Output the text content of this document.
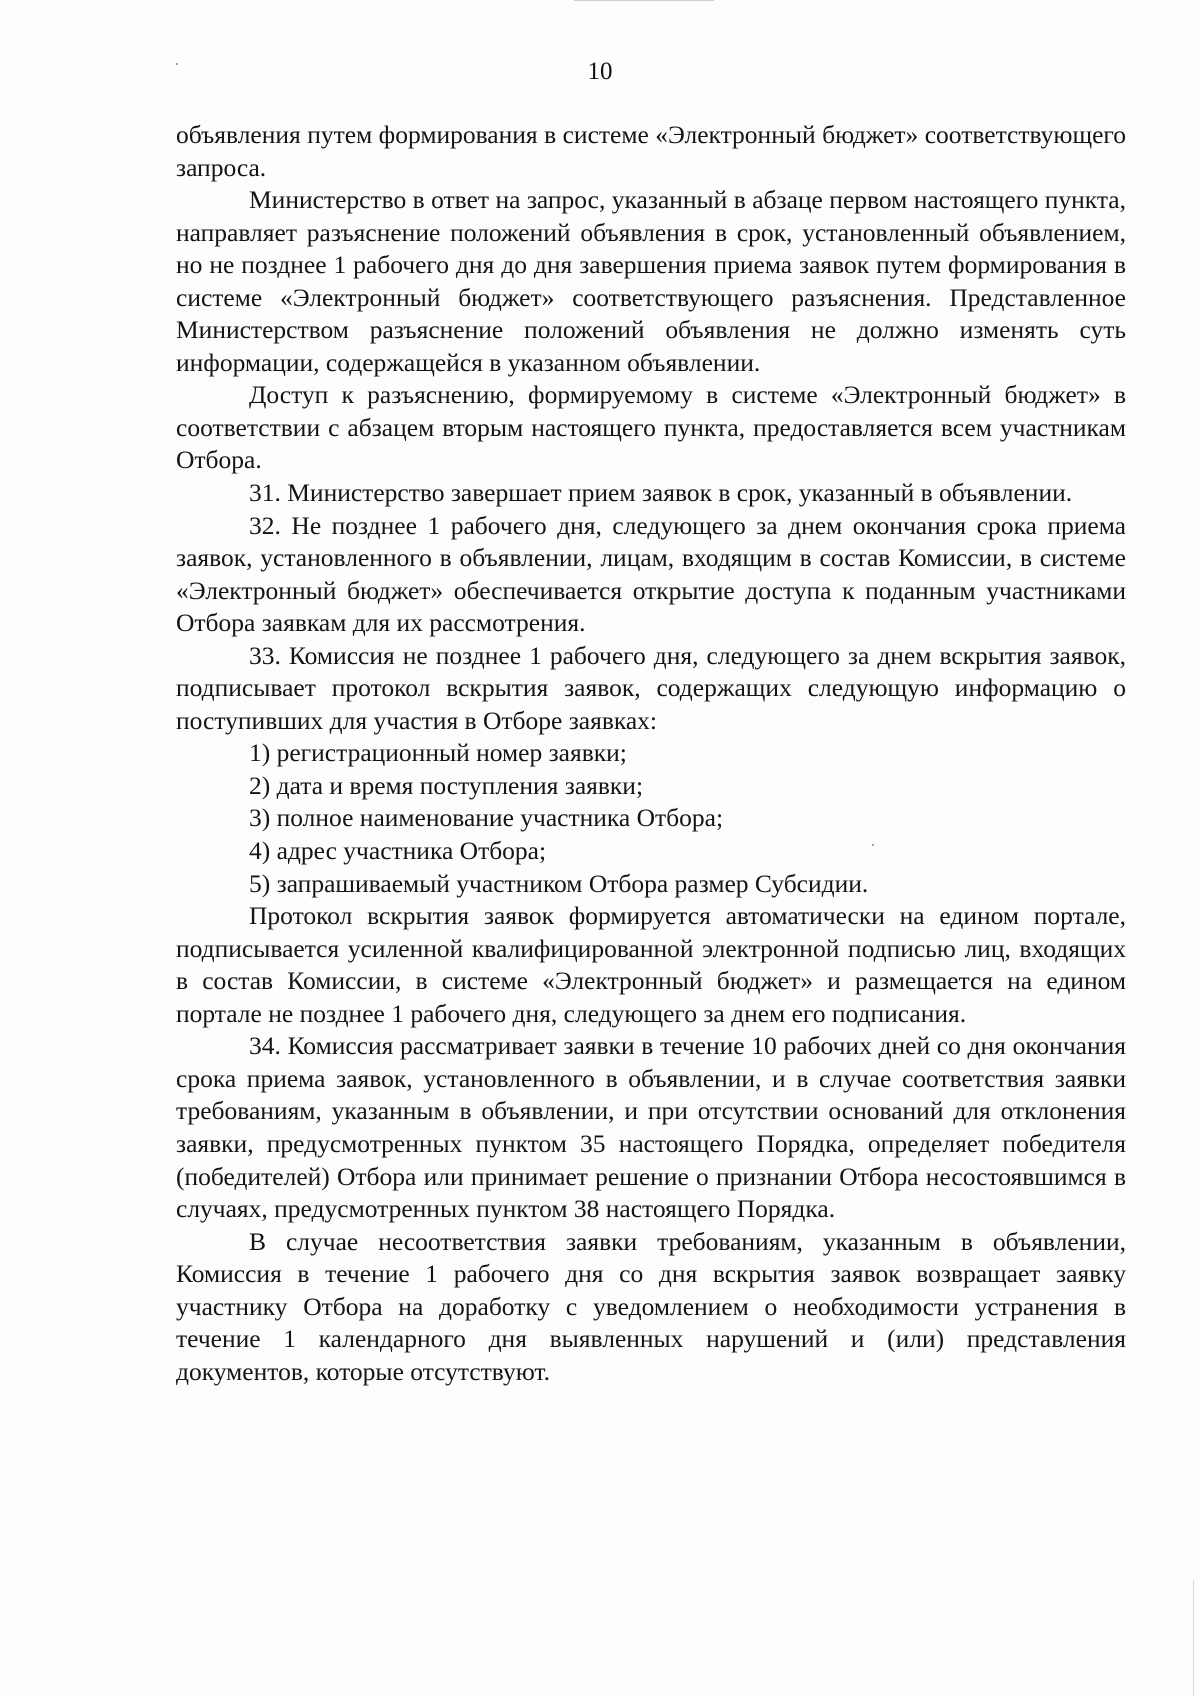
10

объявления путем формирования в системе «Электронный бюджет» соответствующего запроса.

Министерство в ответ на запрос, указанный в абзаце первом настоящего пункта, направляет разъяснение положений объявления в срок, установленный объявлением, но не позднее 1 рабочего дня до дня завершения приема заявок путем формирования в системе «Электронный бюджет» соответствующего разъяснения. Представленное Министерством разъяснение положений объявления не должно изменять суть информации, содержащейся в указанном объявлении.

Доступ к разъяснению, формируемому в системе «Электронный бюджет» в соответствии с абзацем вторым настоящего пункта, предоставляется всем участникам Отбора.

31. Министерство завершает прием заявок в срок, указанный в объявлении.

32. Не позднее 1 рабочего дня, следующего за днем окончания срока приема заявок, установленного в объявлении, лицам, входящим в состав Комиссии, в системе «Электронный бюджет» обеспечивается открытие доступа к поданным участниками Отбора заявкам для их рассмотрения.

33. Комиссия не позднее 1 рабочего дня, следующего за днем вскрытия заявок, подписывает протокол вскрытия заявок, содержащих следующую информацию о поступивших для участия в Отборе заявках:

1) регистрационный номер заявки;

2) дата и время поступления заявки;

3) полное наименование участника Отбора;

4) адрес участника Отбора;

5) запрашиваемый участником Отбора размер Субсидии.

Протокол вскрытия заявок формируется автоматически на едином портале, подписывается усиленной квалифицированной электронной подписью лиц, входящих в состав Комиссии, в системе «Электронный бюджет» и размещается на едином портале не позднее 1 рабочего дня, следующего за днем его подписания.

34. Комиссия рассматривает заявки в течение 10 рабочих дней со дня окончания срока приема заявок, установленного в объявлении, и в случае соответствия заявки требованиям, указанным в объявлении, и при отсутствии оснований для отклонения заявки, предусмотренных пунктом 35 настоящего Порядка, определяет победителя (победителей) Отбора или принимает решение о признании Отбора несостоявшимся в случаях, предусмотренных пунктом 38 настоящего Порядка.

В случае несоответствия заявки требованиям, указанным в объявлении, Комиссия в течение 1 рабочего дня со дня вскрытия заявок возвращает заявку участнику Отбора на доработку с уведомлением о необходимости устранения в течение 1 календарного дня выявленных нарушений и (или) представления документов, которые отсутствуют.
